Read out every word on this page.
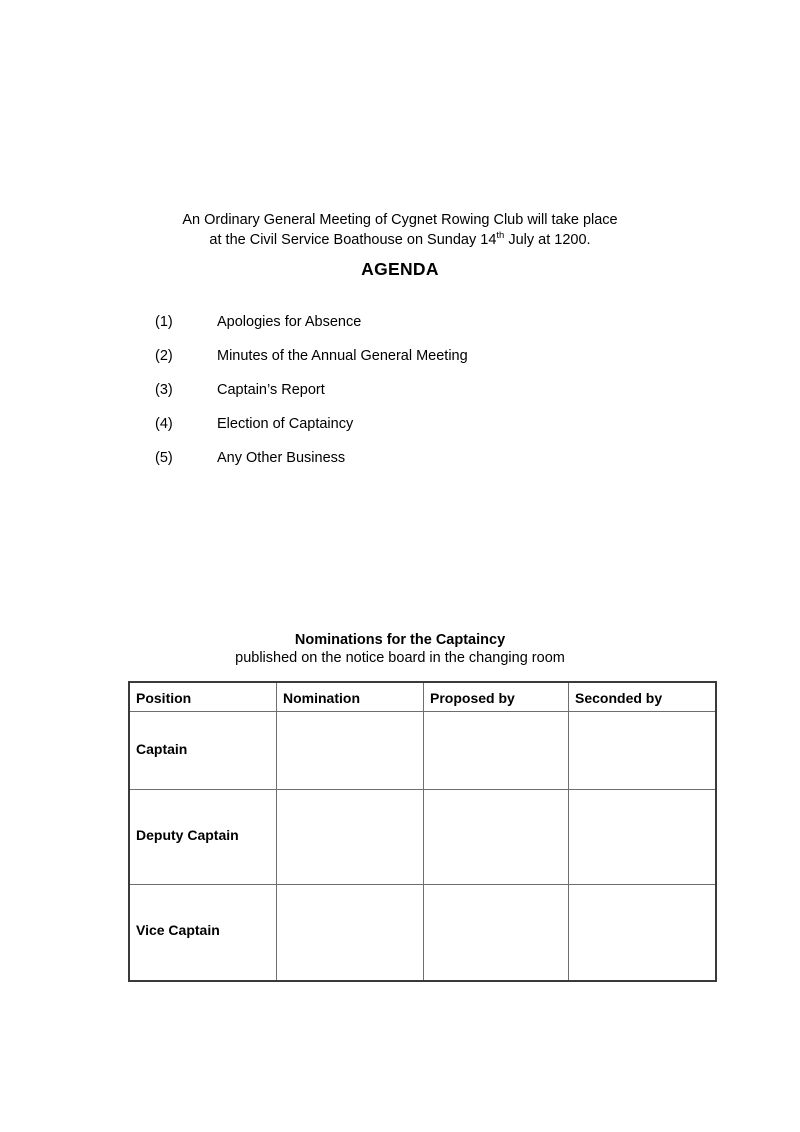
An Ordinary General Meeting of Cygnet Rowing Club will take place
at the Civil Service Boathouse on Sunday 14th July at 1200.
AGENDA
(1)	Apologies for Absence
(2)	Minutes of the Annual General Meeting
(3)	Captain’s Report
(4)	Election of Captaincy
(5)	Any Other Business
Nominations for the Captaincy
published on the notice board in the changing room
Position	Nomination	Proposed by	Seconded by

Captain			

Deputy Captain			

Vice Captain			
